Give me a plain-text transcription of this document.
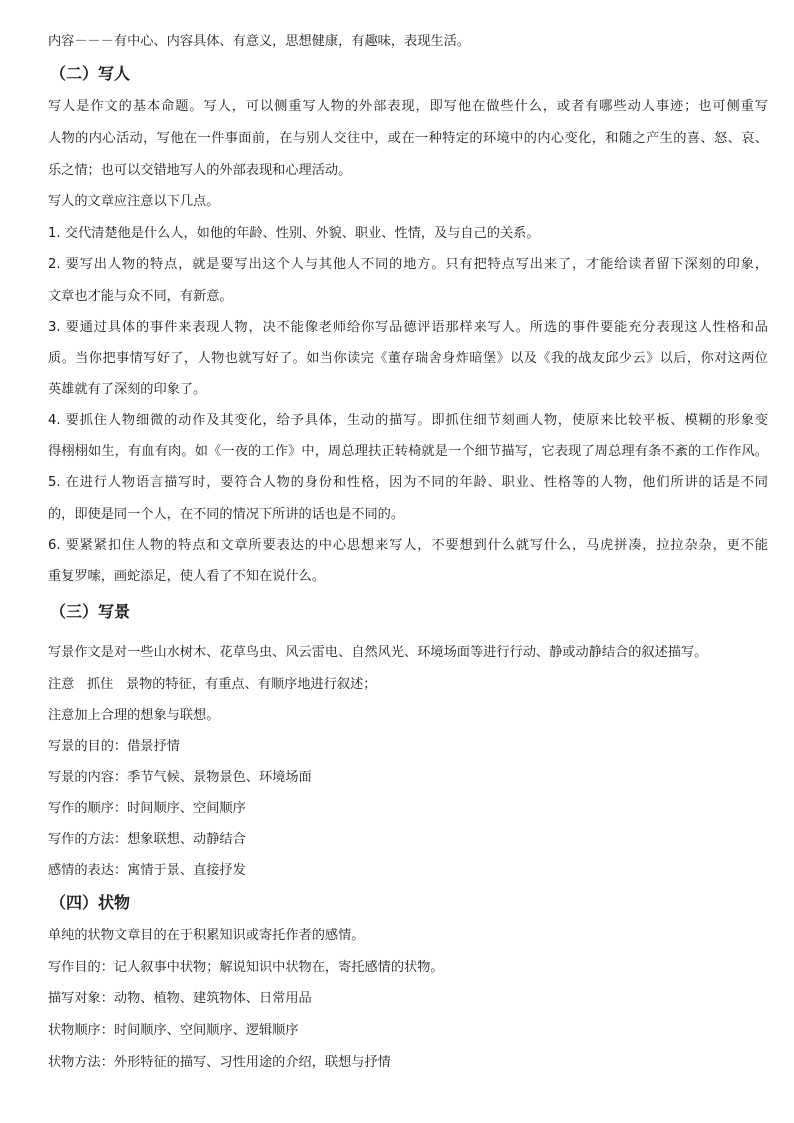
内容－－－有中心、内容具体、有意义，思想健康，有趣味，表现生活。
（二）写人
写人是作文的基本命题。写人，可以侧重写人物的外部表现，即写他在做些什么，或者有哪些动人事迹；也可侧重写
人物的内心活动，写他在一件事面前，在与别人交往中，或在一种特定的环境中的内心变化，和随之产生的喜、怒、哀、
乐之情；也可以交错地写人的外部表现和心理活动。
写人的文章应注意以下几点。
1. 交代清楚他是什么人，如他的年龄、性别、外貌、职业、性情，及与自己的关系。
2. 要写出人物的特点，就是要写出这个人与其他人不同的地方。只有把特点写出来了，才能给读者留下深刻的印象，
文章也才能与众不同，有新意。
3. 要通过具体的事件来表现人物，决不能像老师给你写品德评语那样来写人。所选的事件要能充分表现这人性格和品
质。当你把事情写好了，人物也就写好了。如当你读完《董存瑞舍身炸暗堡》以及《我的战友邱少云》以后，你对这两位
英雄就有了深刻的印象了。
4. 要抓住人物细微的动作及其变化，给予具体，生动的描写。即抓住细节刻画人物，使原来比较平板、模糊的形象变
得栩栩如生，有血有肉。如《一夜的工作》中，周总理扶正转椅就是一个细节描写，它表现了周总理有条不紊的工作作风。
5. 在进行人物语言描写时，要符合人物的身份和性格，因为不同的年龄、职业、性格等的人物，他们所讲的话是不同
的，即使是同一个人，在不同的情况下所讲的话也是不同的。
6. 要紧紧扣住人物的特点和文章所要表达的中心思想来写人，不要想到什么就写什么，马虎拼凑，拉拉杂杂，更不能
重复罗嗦，画蛇添足，使人看了不知在说什么。
（三）写景
写景作文是对一些山水树木、花草鸟虫、风云雷电、自然风光、环境场面等进行行动、静或动静结合的叙述描写。
注意   抓住   景物的特征，有重点、有顺序地进行叙述；
注意加上合理的想象与联想。
写景的目的：借景抒情
写景的内容：季节气候、景物景色、环境场面
写作的顺序：时间顺序、空间顺序
写作的方法：想象联想、动静结合
感情的表达：寓情于景、直接抒发
（四）状物
单纯的状物文章目的在于积累知识或寄托作者的感情。
写作目的：记人叙事中状物；解说知识中状物在，寄托感情的状物。
描写对象：动物、植物、建筑物体、日常用品
状物顺序：时间顺序、空间顺序、逻辑顺序
状物方法：外形特征的描写、习性用途的介绍，联想与抒情
